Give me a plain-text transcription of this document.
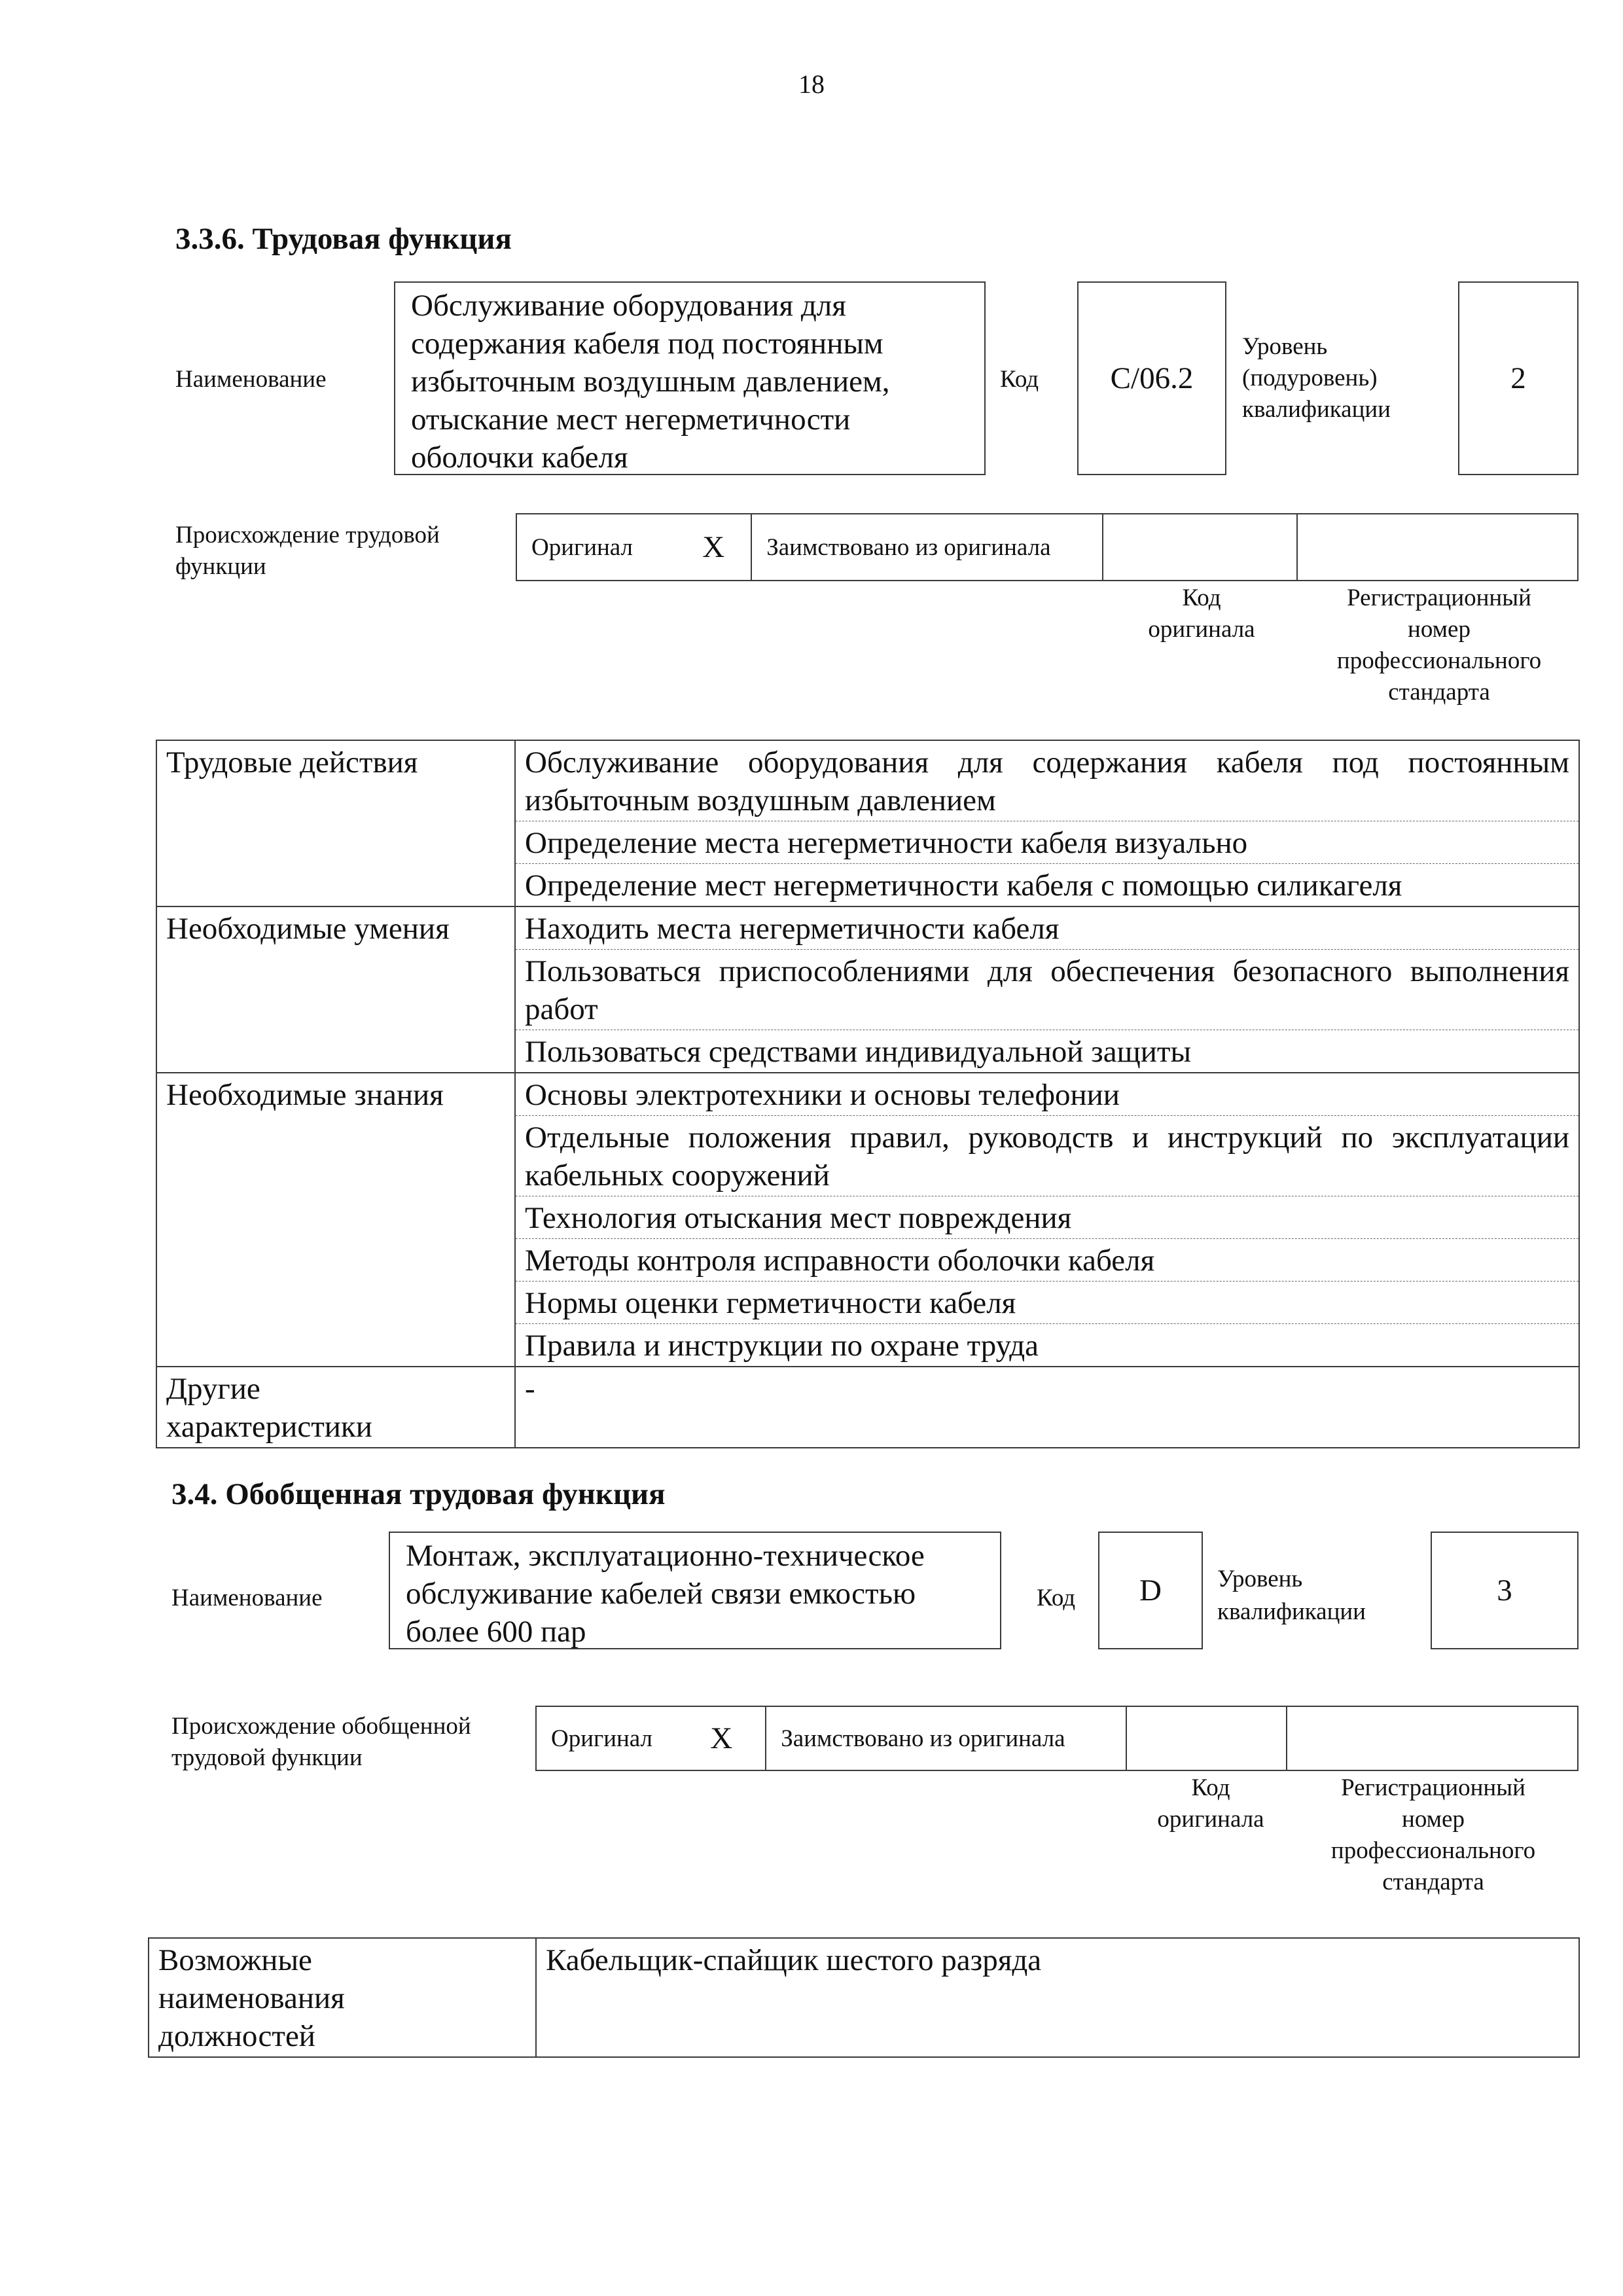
18
3.3.6. Трудовая функция
Наименование
Обслуживание оборудования для
содержания кабеля под постоянным
избыточным воздушным давлением,
отыскание мест негерметичности
оболочки кабеля
Код	С/06.2
Уровень
(подуровень)
квалификации
2
Происхождение трудовой
функции
Оригинал X	Заимствовано из оригинала
Код
оригинала
Регистрационный
номер
профессионального
стандарта
Трудовые действия	Обслуживание оборудования для содержания кабеля под постоянным избыточным воздушным давлением
	Определение места негерметичности кабеля визуально
	Определение мест негерметичности кабеля с помощью силикагеля
Необходимые умения	Находить места негерметичности кабеля
	Пользоваться приспособлениями для обеспечения безопасного выполнения работ
	Пользоваться средствами индивидуальной защиты
Необходимые знания	Основы электротехники и основы телефонии
	Отдельные положения правил, руководств и инструкций по эксплуатации кабельных сооружений
	Технология отыскания мест повреждения
	Методы контроля исправности оболочки кабеля
	Нормы оценки герметичности кабеля
	Правила и инструкции по охране труда

Другие
характеристики	-
3.4. Обобщенная трудовая функция
Наименование
Монтаж, эксплуатационно-техническое
обслуживание кабелей связи емкостью
более 600 пар
Код	D	Уровень
квалификации
3
Происхождение обобщенной
трудовой функции
Оригинал X	Заимствовано из оригинала
Код
оригинала
Регистрационный
номер
профессионального
стандарта
Возможные
наименования
должностей
	Кабельщик-спайщик шестого разряда
